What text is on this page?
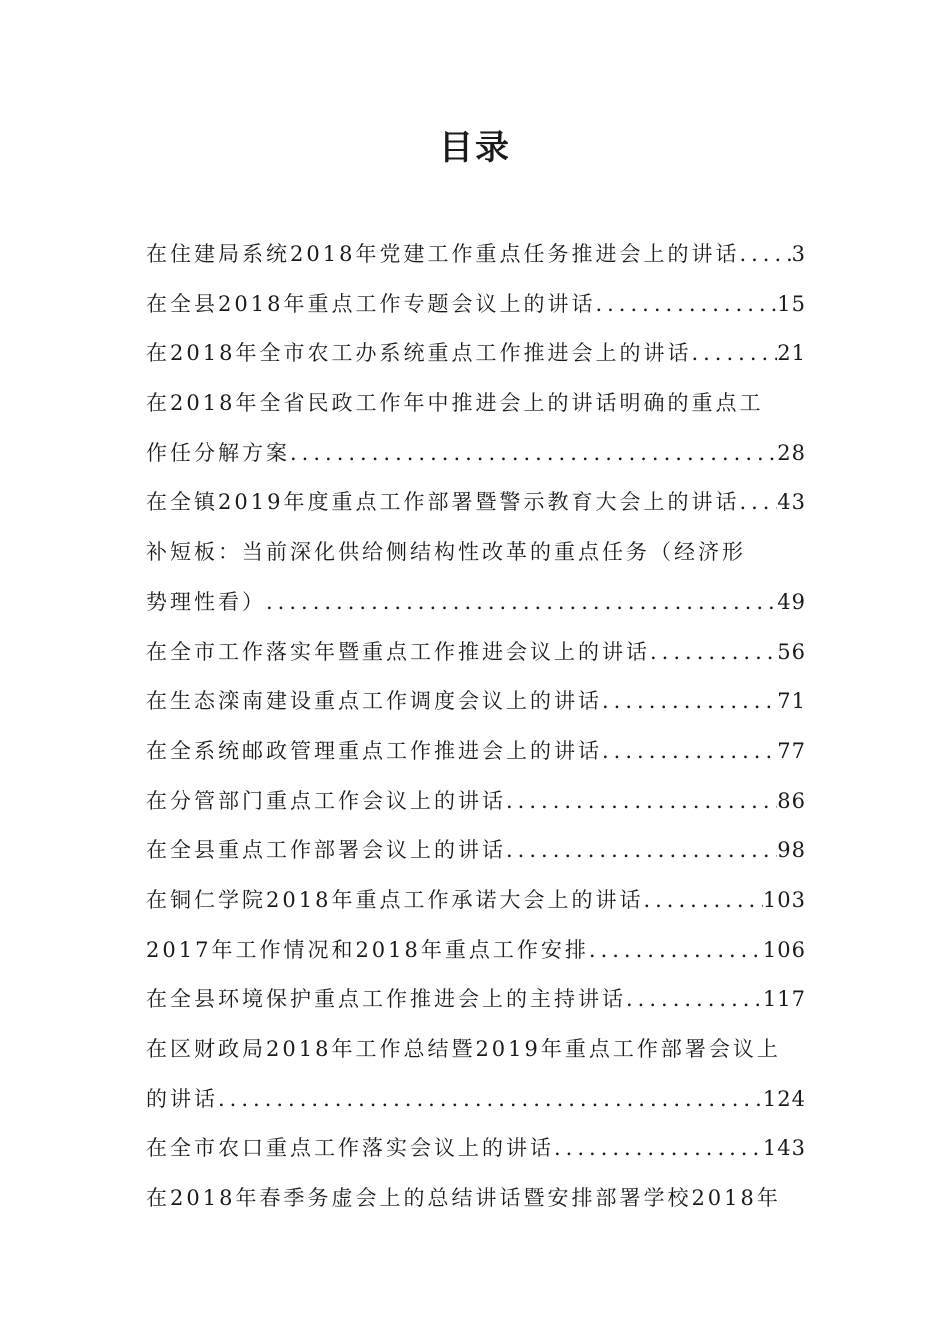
目录
在住建局系统2018年党建工作重点任务推进会上的讲话 ..... 3
在全县2018年重点工作专题会议上的讲话 .....	15
在2018年全市农工办系统重点工作推进会上的讲话 .....	21
在2018年全省民政工作年中推进会上的讲话明确的重点工
作任分解方案 .....	28
在全镇2019年度重点工作部署暨警示教育大会上的讲话 ..... 43
补短板：当前深化供给侧结构性改革的重点任务（经济形
势理性看） .....	49
在全市工作落实年暨重点工作推进会议上的讲话 .....	56
在生态滦南建设重点工作调度会议上的讲话 .....	71
在全系统邮政管理重点工作推进会上的讲话 .....	77
在分管部门重点工作会议上的讲话 .....	86
在全县重点工作部署会议上的讲话 .....	98
在铜仁学院2018年重点工作承诺大会上的讲话 .....	103
2017年工作情况和2018年重点工作安排 .....	106
在全县环境保护重点工作推进会上的主持讲话 .....	117
在区财政局2018年工作总结暨2019年重点工作部署会议上
的讲话 .....	124
在全市农口重点工作落实会议上的讲话 .....	143
在2018年春季务虚会上的总结讲话暨安排部署学校2018年
